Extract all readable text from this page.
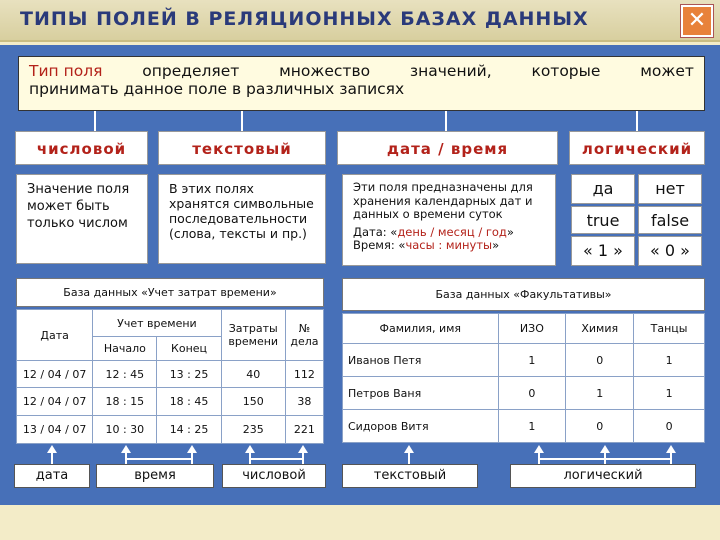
ТИПЫ ПОЛЕЙ В РЕЛЯЦИОННЫХ БАЗАХ ДАННЫХ	✕
Тип поля	определяет	множество	значений,	которые	может
принимать данное поле в различных записях
числовой	текстовый	дата / время	логический
Значение поля может быть только числом
В этих полях хранятся символьные последовательности (слова, тексты и пр.)
Эти поля предназначены для хранения календарных дат и данных о времени суток
Дата: «день / месяц / год»
Время: «часы : минуты»
да	нет
true	false
« 1 »	« 0 »
База данных «Учет затрат времени»
Дата	Учет времени		Затраты времени	№ дела
	Начало	Конец		
12 / 04 / 07	12 : 45	13 : 25	40	112
12 / 04 / 07	18 : 15	18 : 45	150	38
13 / 04 / 07	10 : 30	14 : 25	235	221
База данных «Факультативы»
Фамилия, имя	ИЗО	Химия	Танцы
Иванов Петя	1	0	1
Петров Ваня	0	1	1
Сидоров Витя	1	0	0
дата	время	числовой	текстовый	логический
